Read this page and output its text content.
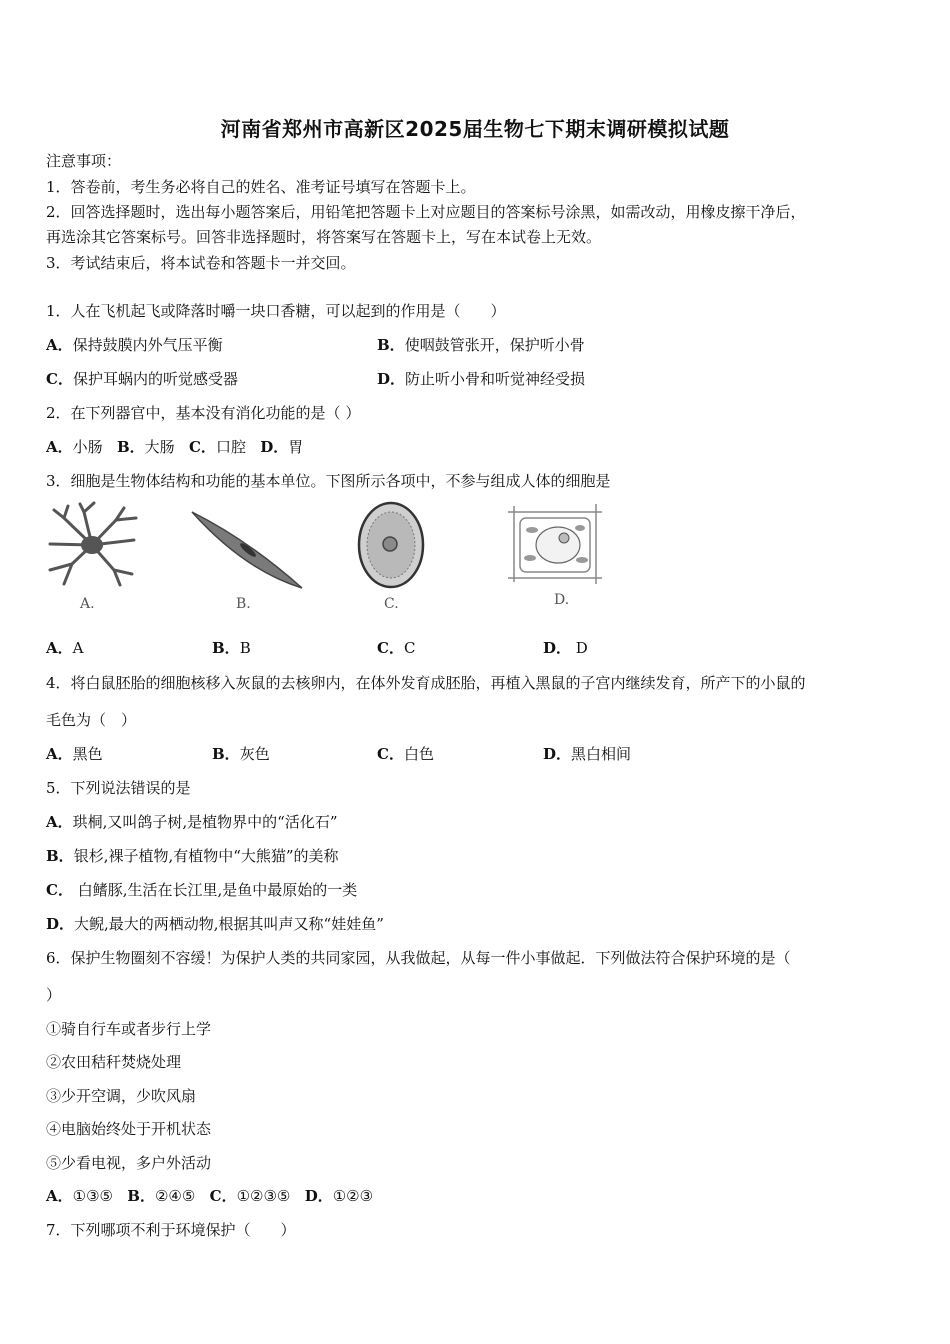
河南省郑州市高新区2025届生物七下期末调研模拟试题
注意事项：
1．答卷前，考生务必将自己的姓名、准考证号填写在答题卡上。
2．回答选择题时，选出每小题答案后，用铅笔把答题卡上对应题目的答案标号涂黑，如需改动，用橡皮擦干净后，
再选涂其它答案标号。回答非选择题时，将答案写在答题卡上，写在本试卷上无效。
3．考试结束后，将本试卷和答题卡一并交回。
1．人在飞机起飞或降落时嚼一块口香糖，可以起到的作用是（　　）
A．保持鼓膜内外气压平衡	B．使咽鼓管张开，保护听小骨
C．保护耳蜗内的听觉感受器	D．防止听小骨和听觉神经受损
2．在下列器官中，基本没有消化功能的是（ ）
A．小肠 B．大肠 C．口腔 D．胃
3．细胞是生物体结构和功能的基本单位。下图所示各项中，不参与组成人体的细胞是
A.	B.	C.	D.
A．A	B．B	C．C	D． D
4．将白鼠胚胎的细胞核移入灰鼠的去核卵内，在体外发育成胚胎，再植入黑鼠的子宫内继续发育，所产下的小鼠的
毛色为（　）
A．黑色	B．灰色	C．白色	D．黑白相间
5．下列说法错误的是
A．珙桐,又叫鸽子树,是植物界中的“活化石”
B．银杉,裸子植物,有植物中“大熊猫”的美称
C． 白鳍豚,生活在长江里,是鱼中最原始的一类
D．大鲵,最大的两栖动物,根据其叫声又称“娃娃鱼”
6．保护生物圈刻不容缓！为保护人类的共同家园，从我做起，从每一件小事做起．下列做法符合保护环境的是（
）
①骑自行车或者步行上学
②农田秸秆焚烧处理
③少开空调，少吹风扇
④电脑始终处于开机状态
⑤少看电视，多户外活动
A．①③⑤ B．②④⑤ C．①②③⑤ D．①②③
7．下列哪项不利于环境保护（　　）
